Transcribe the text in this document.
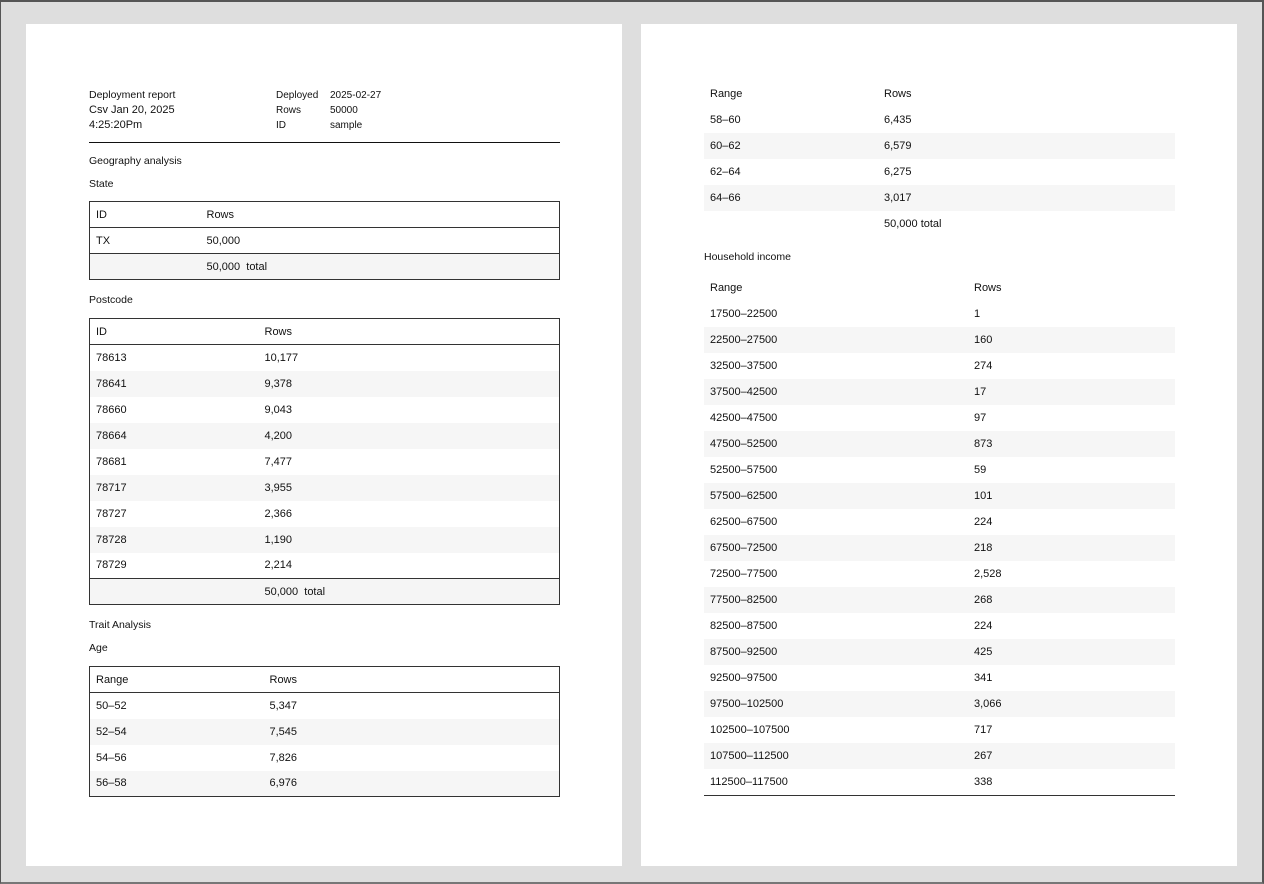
Deployment report
Csv Jan 20, 2025
4:25:20Pm
Deployed	2025-02-27
Rows	50000
ID	sample
Geography analysis
State
ID	Rows
TX	50,000
	50,000  total
Postcode
ID	Rows
78613	10,177
78641	9,378
78660	9,043
78664	4,200
78681	7,477
78717	3,955
78727	2,366
78728	1,190
78729	2,214
	50,000  total
Trait Analysis
Age
Range	Rows
50–52	5,347
52–54	7,545
54–56	7,826
56–58	6,976
Range	Rows
58–60	6,435
60–62	6,579
62–64	6,275
64–66	3,017
	50,000 total
Household income
Range	Rows
17500–22500	1
22500–27500	160
32500–37500	274
37500–42500	17
42500–47500	97
47500–52500	873
52500–57500	59
57500–62500	101
62500–67500	224
67500–72500	218
72500–77500	2,528
77500–82500	268
82500–87500	224
87500–92500	425
92500–97500	341
97500–102500	3,066
102500–107500	717
107500–112500	267
112500–117500	338
